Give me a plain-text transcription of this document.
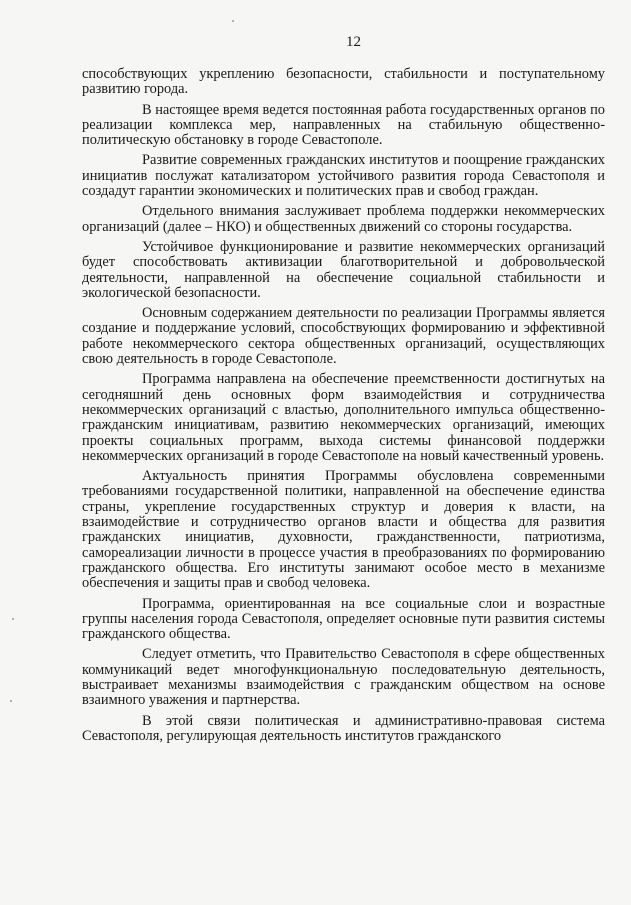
12

способствующих укреплению безопасности, стабильности и поступательному развитию города.

В настоящее время ведется постоянная работа государственных органов по реализации комплекса мер, направленных на стабильную общественно-политическую обстановку в городе Севастополе.

Развитие современных гражданских институтов и поощрение гражданских инициатив послужат катализатором устойчивого развития города Севастополя и создадут гарантии экономических и политических прав и свобод граждан.

Отдельного внимания заслуживает проблема поддержки некоммерческих организаций (далее – НКО) и общественных движений со стороны государства.

Устойчивое функционирование и развитие некоммерческих организаций будет способствовать активизации благотворительной и добровольческой деятельности, направленной на обеспечение социальной стабильности и экологической безопасности.

Основным содержанием деятельности по реализации Программы является создание и поддержание условий, способствующих формированию и эффективной работе некоммерческого сектора общественных организаций, осуществляющих свою деятельность в городе Севастополе.

Программа направлена на обеспечение преемственности достигнутых на сегодняшний день основных форм взаимодействия и сотрудничества некоммерческих организаций с властью, дополнительного импульса общественно-гражданским инициативам, развитию некоммерческих организаций, имеющих проекты социальных программ, выхода системы финансовой поддержки некоммерческих организаций в городе Севастополе на новый качественный уровень.

Актуальность принятия Программы обусловлена современными требованиями государственной политики, направленной на обеспечение единства страны, укрепление государственных структур и доверия к власти, на взаимодействие и сотрудничество органов власти и общества для развития гражданских инициатив, духовности, гражданственности, патриотизма, самореализации личности в процессе участия в преобразованиях по формированию гражданского общества. Его институты занимают особое место в механизме обеспечения и защиты прав и свобод человека.

Программа, ориентированная на все социальные слои и возрастные группы населения города Севастополя, определяет основные пути развития системы гражданского общества.

Следует отметить, что Правительство Севастополя в сфере общественных коммуникаций ведет многофункциональную последовательную деятельность, выстраивает механизмы взаимодействия с гражданским обществом на основе взаимного уважения и партнерства.

В этой связи политическая и административно-правовая система Севастополя, регулирующая деятельность институтов гражданского
